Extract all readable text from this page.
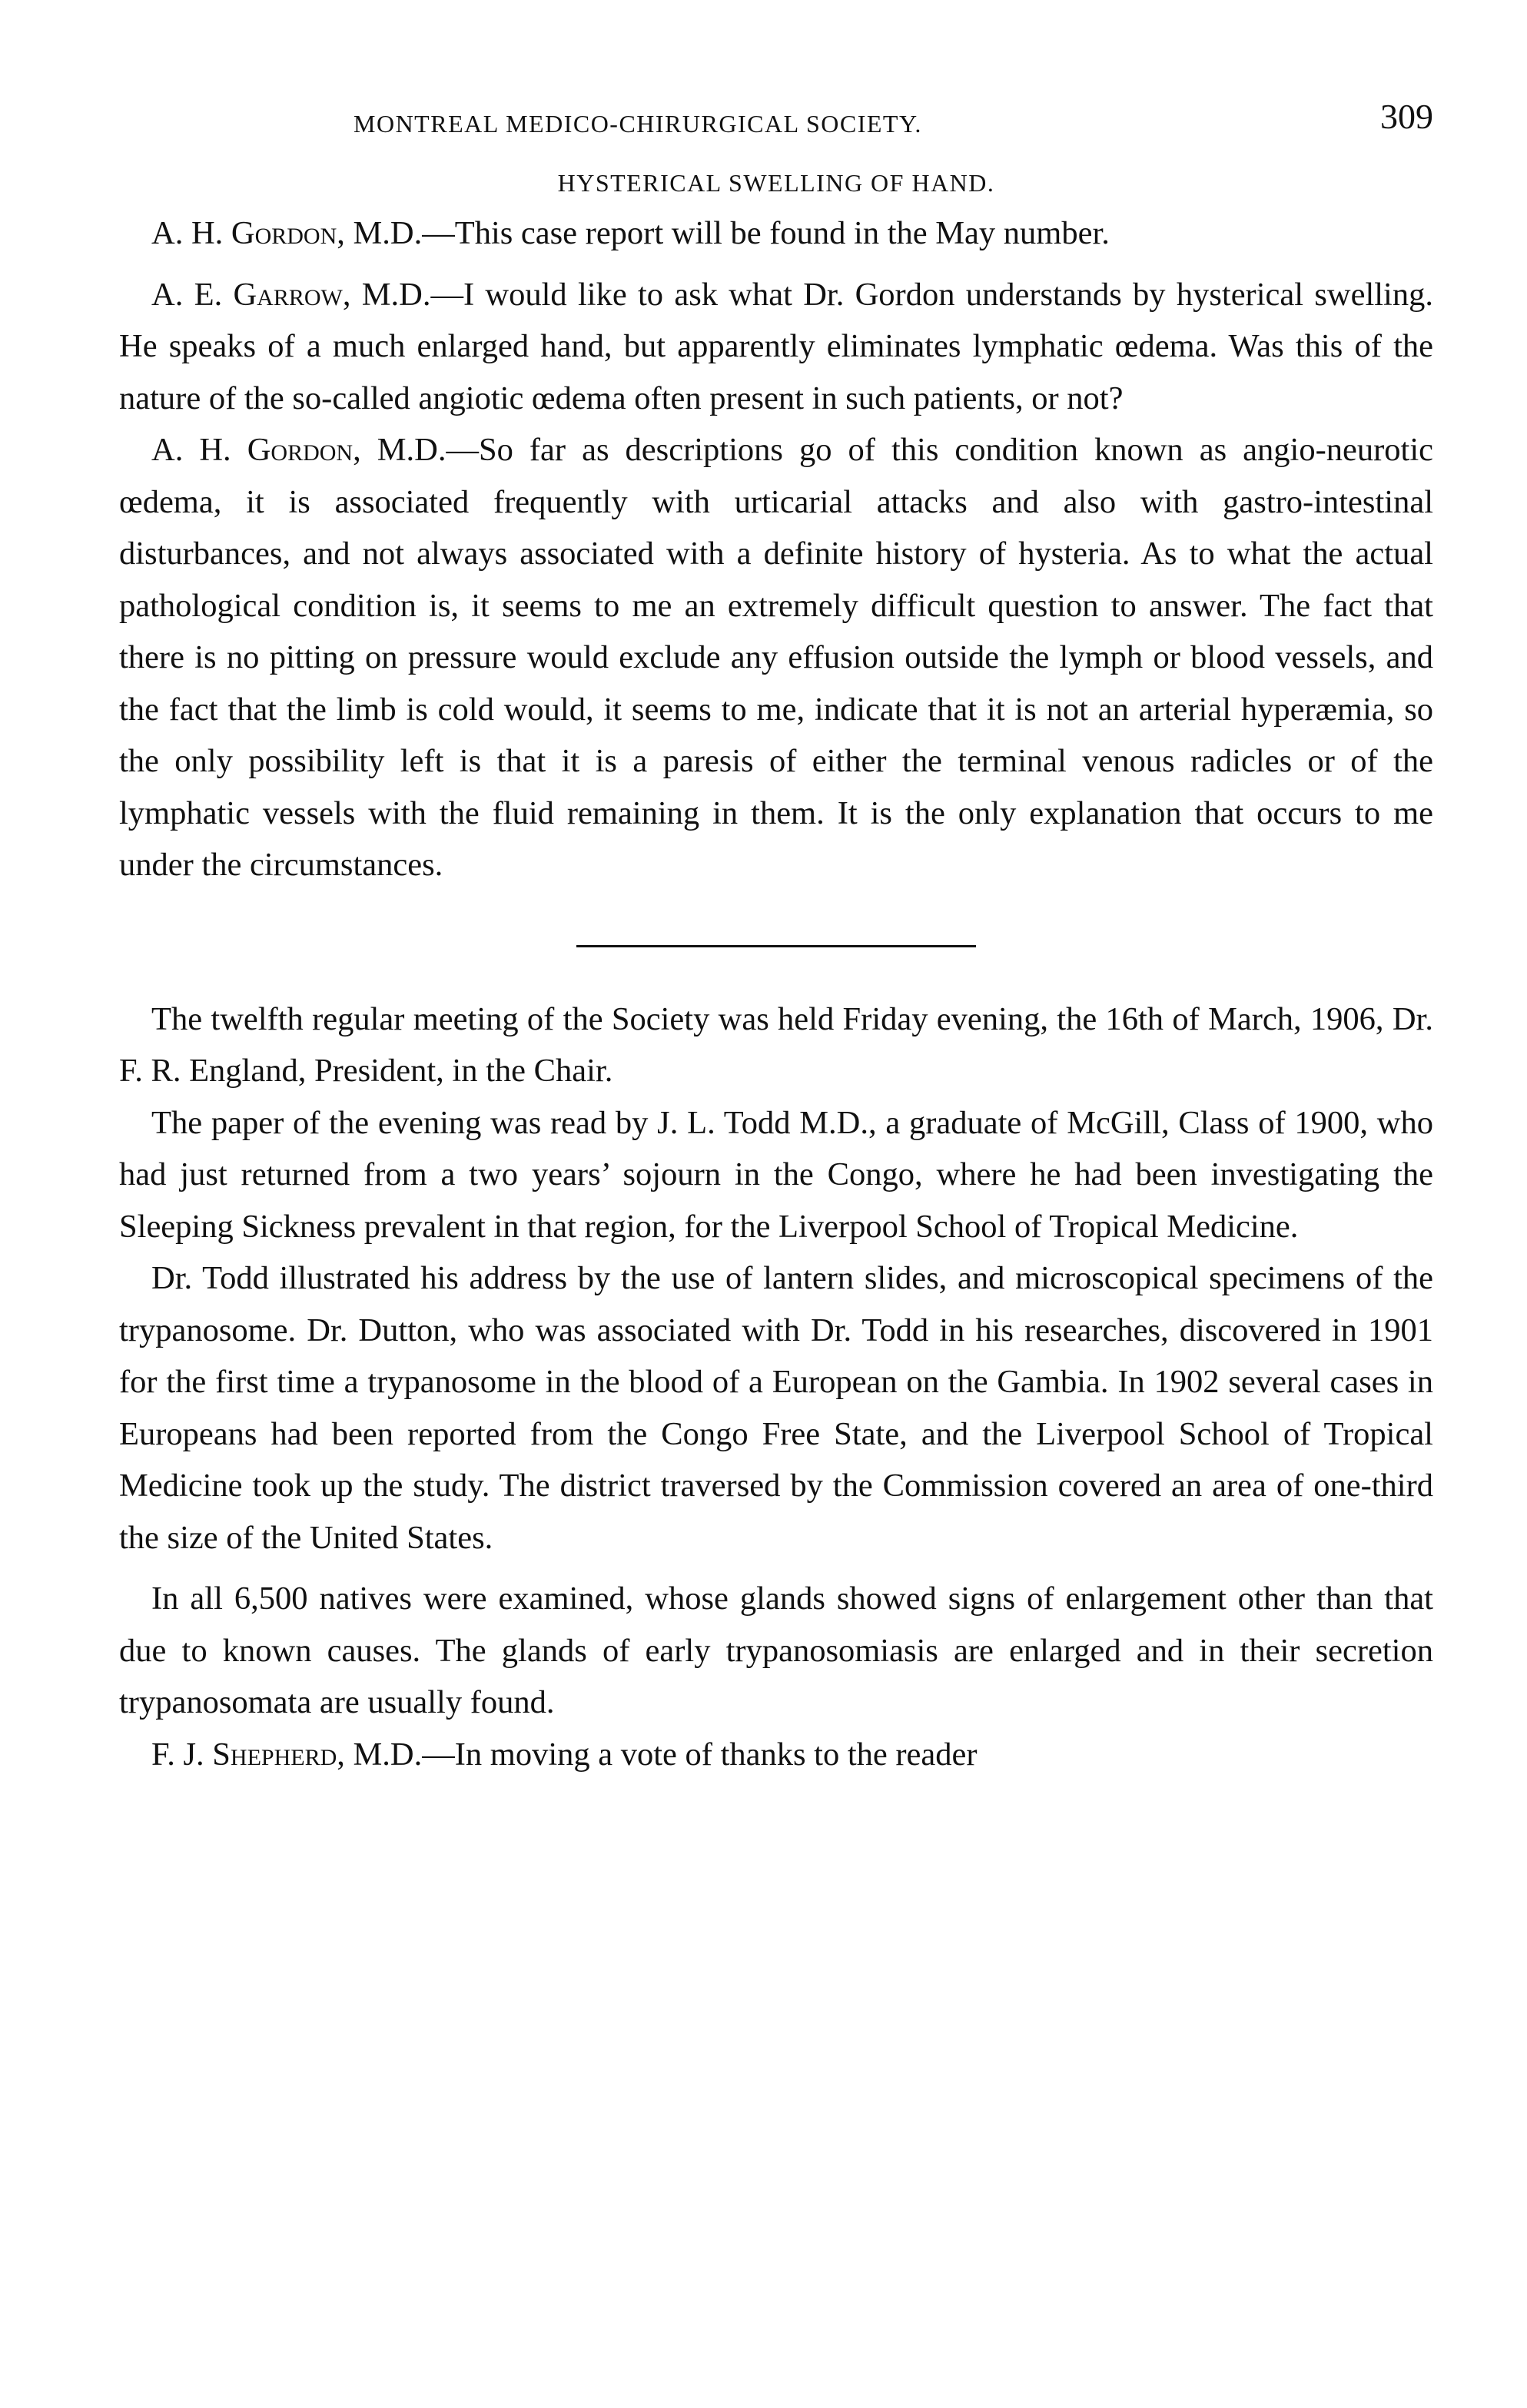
MONTREAL MEDICO-CHIRURGICAL SOCIETY.	309
HYSTERICAL SWELLING OF HAND.

A. H. Gordon, M.D.—This case report will be found in the May number.

A. E. Garrow, M.D.—I would like to ask what Dr. Gordon understands by hysterical swelling. He speaks of a much enlarged hand, but apparently eliminates lymphatic œdema. Was this of the nature of the so-called angiotic œdema often present in such patients, or not?

A. H. Gordon, M.D.—So far as descriptions go of this condition known as angio-neurotic œdema, it is associated frequently with urticarial attacks and also with gastro-intestinal disturbances, and not always associated with a definite history of hysteria. As to what the actual pathological condition is, it seems to me an extremely difficult question to answer. The fact that there is no pitting on pressure would exclude any effusion outside the lymph or blood vessels, and the fact that the limb is cold would, it seems to me, indicate that it is not an arterial hyperæmia, so the only possibility left is that it is a paresis of either the terminal venous radicles or of the lymphatic vessels with the fluid remaining in them. It is the only explanation that occurs to me under the circumstances.

The twelfth regular meeting of the Society was held Friday evening, the 16th of March, 1906, Dr. F. R. England, President, in the Chair.

The paper of the evening was read by J. L. Todd M.D., a graduate of McGill, Class of 1900, who had just returned from a two years’ sojourn in the Congo, where he had been investigating the Sleeping Sickness prevalent in that region, for the Liverpool School of Tropical Medicine.

Dr. Todd illustrated his address by the use of lantern slides, and microscopical specimens of the trypanosome. Dr. Dutton, who was associated with Dr. Todd in his researches, discovered in 1901 for the first time a trypanosome in the blood of a European on the Gambia. In 1902 several cases in Europeans had been reported from the Congo Free State, and the Liverpool School of Tropical Medicine took up the study. The district traversed by the Commission covered an area of one-third the size of the United States.

In all 6,500 natives were examined, whose glands showed signs of enlargement other than that due to known causes. The glands of early trypanosomiasis are enlarged and in their secretion trypanosomata are usually found.

F. J. Shepherd, M.D.—In moving a vote of thanks to the reader
